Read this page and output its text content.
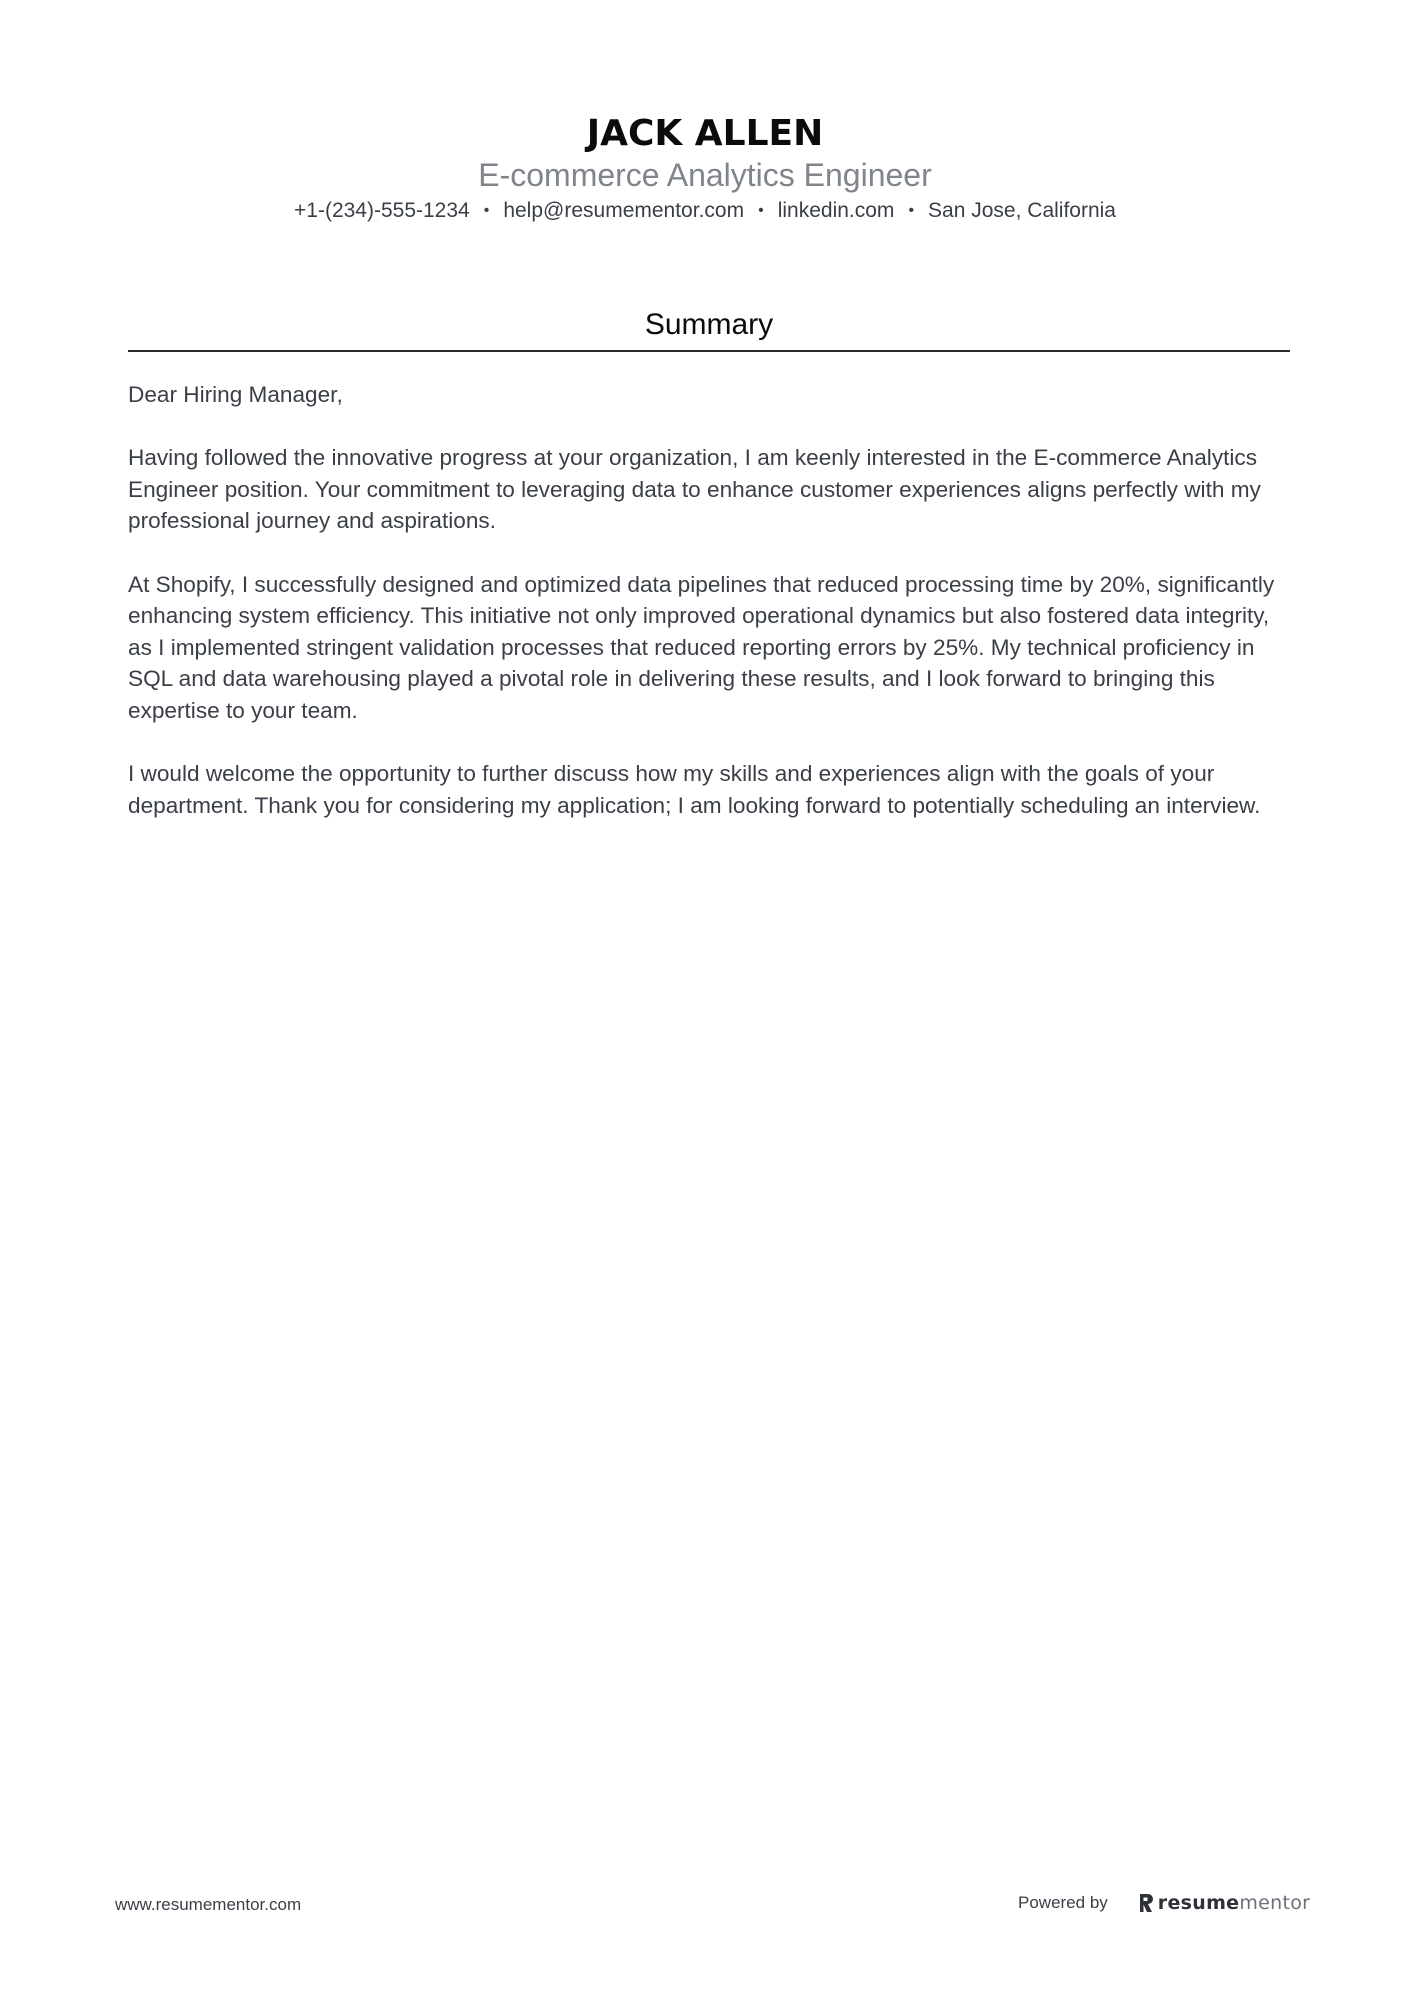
JACK ALLEN
E-commerce Analytics Engineer
+1-(234)-555-1234 • help@resumementor.com • linkedin.com • San Jose, California
Summary

Dear Hiring Manager,

Having followed the innovative progress at your organization, I am keenly interested in the E-commerce Analytics Engineer position. Your commitment to leveraging data to enhance customer experiences aligns perfectly with my professional journey and aspirations.

At Shopify, I successfully designed and optimized data pipelines that reduced processing time by 20%, significantly enhancing system efficiency. This initiative not only improved operational dynamics but also fostered data integrity, as I implemented stringent validation processes that reduced reporting errors by 25%. My technical proficiency in SQL and data warehousing played a pivotal role in delivering these results, and I look forward to bringing this expertise to your team.

I would welcome the opportunity to further discuss how my skills and experiences align with the goals of your department. Thank you for considering my application; I am looking forward to potentially scheduling an interview.

www.resumementor.com	Powered by	resume mentor
